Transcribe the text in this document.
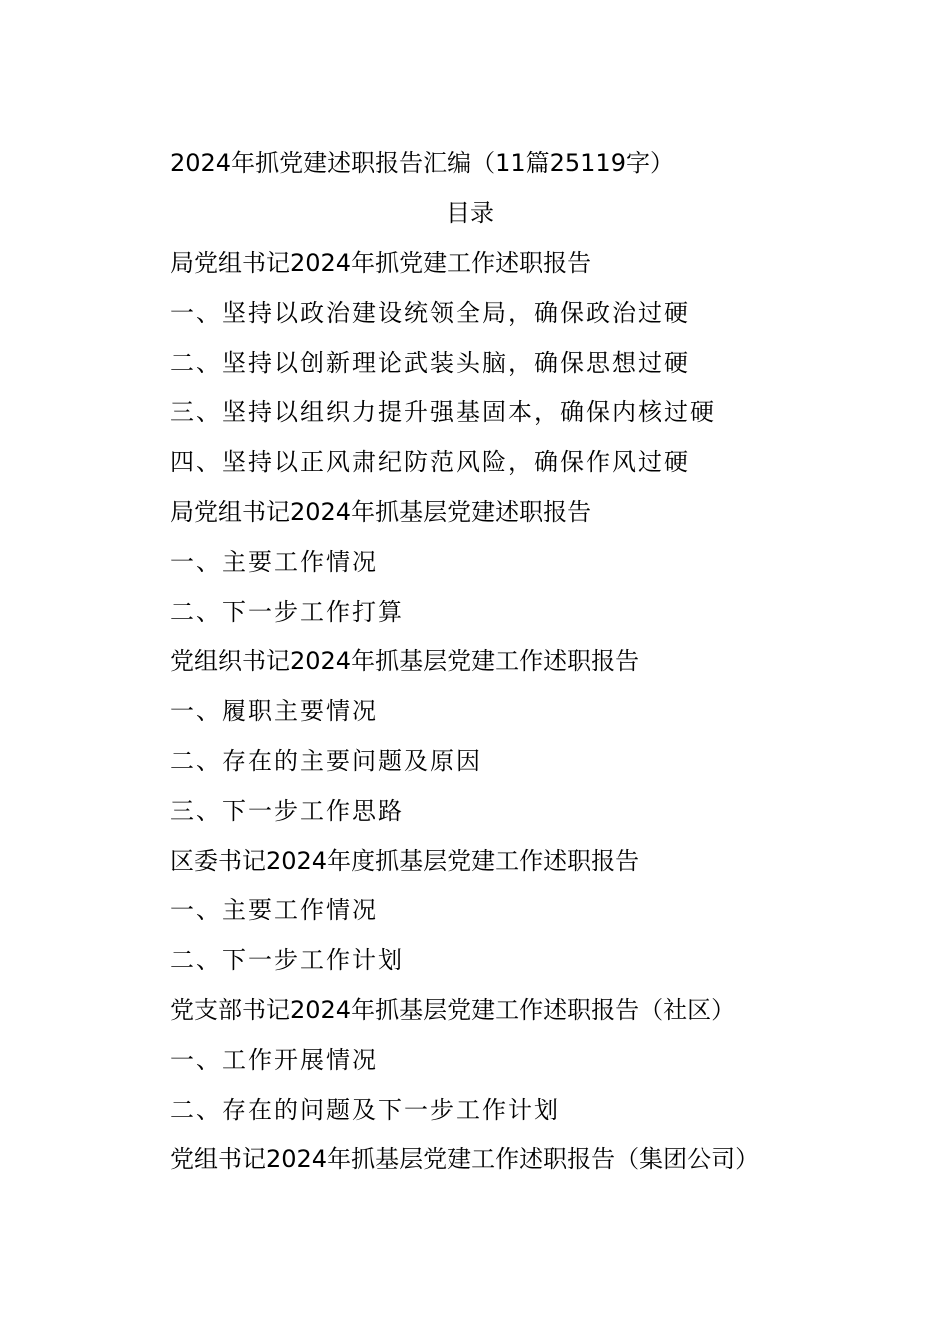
2024年抓党建述职报告汇编（11篇25119字）
目录
局党组书记2024年抓党建工作述职报告
一、坚持以政治建设统领全局，确保政治过硬
二、坚持以创新理论武装头脑，确保思想过硬
三、坚持以组织力提升强基固本，确保内核过硬
四、坚持以正风肃纪防范风险，确保作风过硬
局党组书记2024年抓基层党建述职报告
一、主要工作情况
二、下一步工作打算
党组织书记2024年抓基层党建工作述职报告
一、履职主要情况
二、存在的主要问题及原因
三、下一步工作思路
区委书记2024年度抓基层党建工作述职报告
一、主要工作情况
二、下一步工作计划
党支部书记2024年抓基层党建工作述职报告（社区）
一、工作开展情况
二、存在的问题及下一步工作计划
党组书记2024年抓基层党建工作述职报告（集团公司）
